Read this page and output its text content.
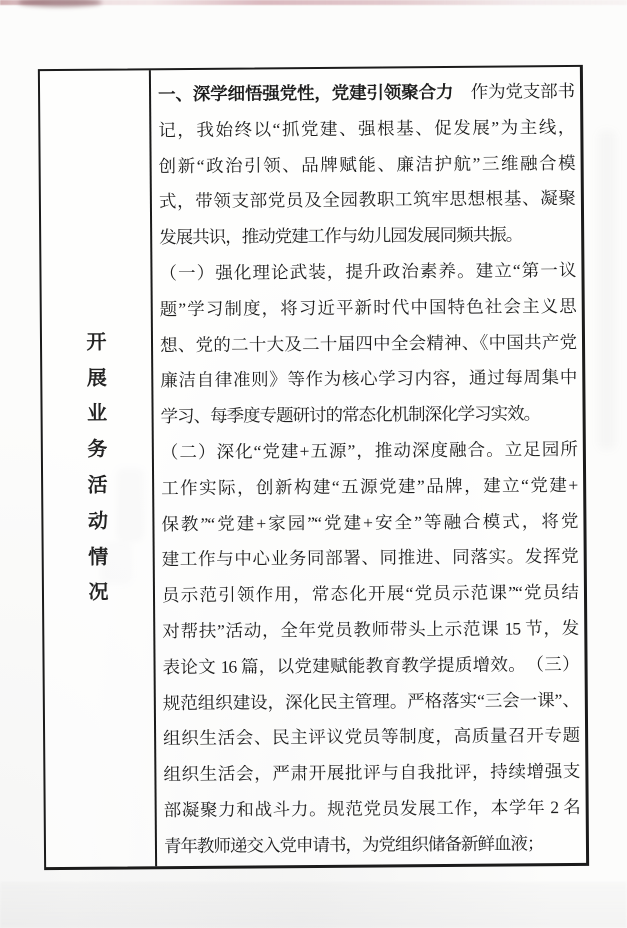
开
展
业
务
活
动
情
况
一、深学细悟强党性，党建引领聚合力　作为党支部书
记，我始终以“抓党建、强根基、促发展”为主线，
创新“政治引领、品牌赋能、廉洁护航”三维融合模
式，带领支部党员及全园教职工筑牢思想根基、凝聚
发展共识，推动党建工作与幼儿园发展同频共振。
（一）强化理论武装，提升政治素养。建立“第一议
题”学习制度，将习近平新时代中国特色社会主义思
想、党的二十大及二十届四中全会精神、《中国共产党
廉洁自律准则》等作为核心学习内容，通过每周集中
学习、每季度专题研讨的常态化机制深化学习实效。
（二）深化“党建+五源”，推动深度融合。立足园所
工作实际，创新构建“五源党建”品牌，建立“党建+
保教”“党建+家园”“党建+安全”等融合模式，将党
建工作与中心业务同部署、同推进、同落实。发挥党
员示范引领作用，常态化开展“党员示范课”“党员结
对帮扶”活动，全年党员教师带头上示范课 15 节，发
表论文 16 篇，以党建赋能教育教学提质增效。　（三）
规范组织建设，深化民主管理。严格落实“三会一课”、
组织生活会、民主评议党员等制度，高质量召开专题
组织生活会，严肃开展批评与自我批评，持续增强支
部凝聚力和战斗力。规范党员发展工作，本学年 2 名
青年教师递交入党申请书，为党组织储备新鲜血液；
